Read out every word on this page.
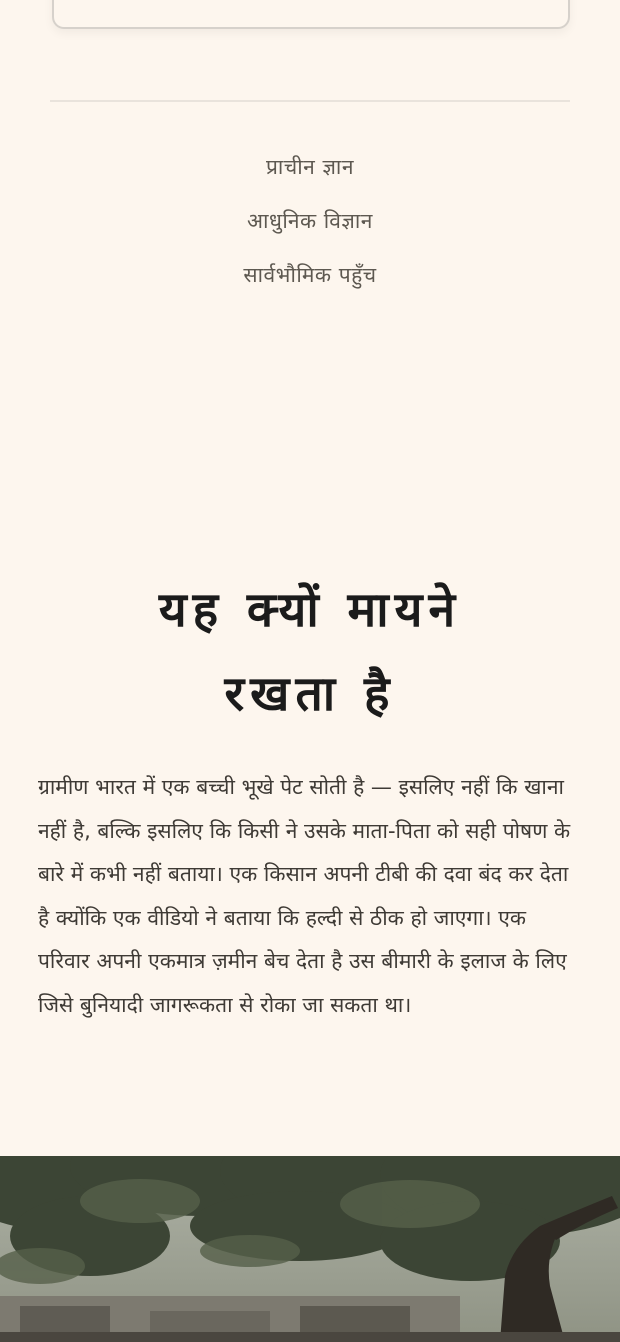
प्राचीन ज्ञान
आधुनिक विज्ञान
सार्वभौमिक पहुँच
यह क्यों मायने
रखता है

ग्रामीण भारत में एक बच्ची भूखे पेट सोती है — इसलिए नहीं कि खाना नहीं है, बल्कि इसलिए कि किसी ने उसके माता-पिता को सही पोषण के बारे में कभी नहीं बताया। एक किसान अपनी टीबी की दवा बंद कर देता है क्योंकि एक वीडियो ने बताया कि हल्दी से ठीक हो जाएगा। एक परिवार अपनी एकमात्र ज़मीन बेच देता है उस बीमारी के इलाज के लिए जिसे बुनियादी जागरूकता से रोका जा सकता था।
